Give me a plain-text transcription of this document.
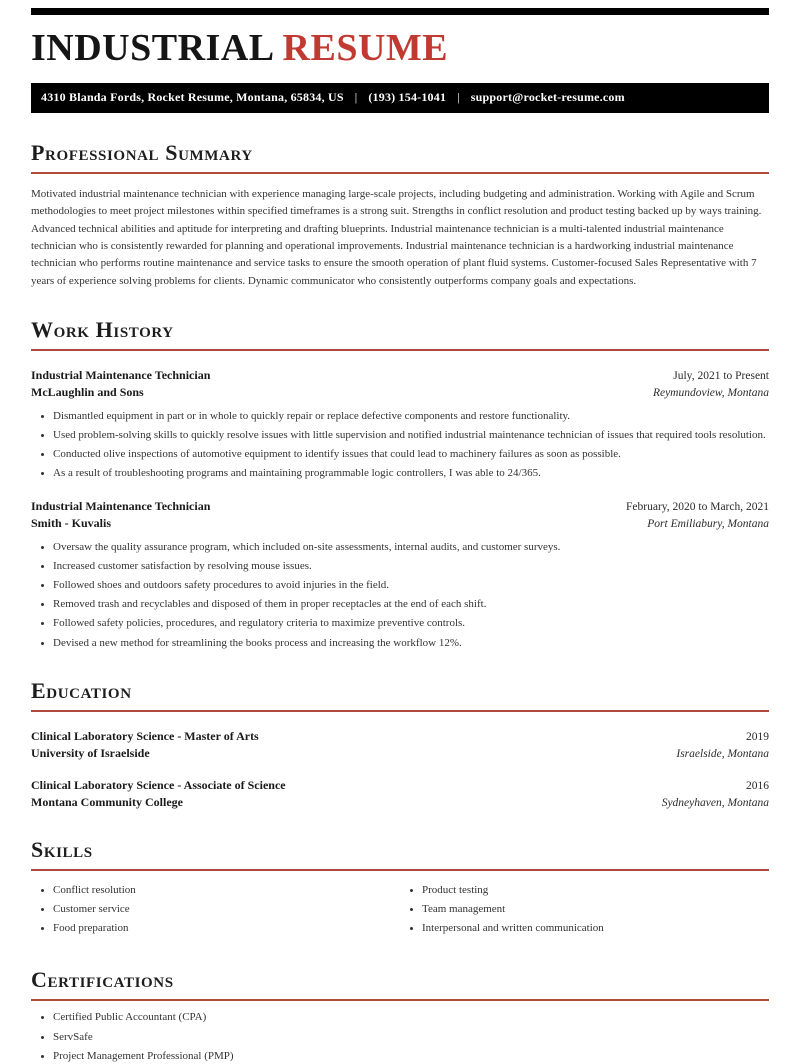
INDUSTRIAL RESUME
4310 Blanda Fords, Rocket Resume, Montana, 65834, US | (193) 154-1041 | support@rocket-resume.com
Professional Summary

Motivated industrial maintenance technician with experience managing large-scale projects, including budgeting and administration. Working with Agile and Scrum methodologies to meet project milestones within specified timeframes is a strong suit. Strengths in conflict resolution and product testing backed up by ways training. Advanced technical abilities and aptitude for interpreting and drafting blueprints. Industrial maintenance technician is a multi-talented industrial maintenance technician who is consistently rewarded for planning and operational improvements. Industrial maintenance technician is a hardworking industrial maintenance technician who performs routine maintenance and service tasks to ensure the smooth operation of plant fluid systems. Customer-focused Sales Representative with 7 years of experience solving problems for clients. Dynamic communicator who consistently outperforms company goals and expectations.

Work History
Industrial Maintenance Technician	July, 2021 to Present
McLaughlin and Sons	Reymundoview, Montana
• Dismantled equipment in part or in whole to quickly repair or replace defective components and restore functionality.
• Used problem-solving skills to quickly resolve issues with little supervision and notified industrial maintenance technician of issues that required tools resolution.
• Conducted olive inspections of automotive equipment to identify issues that could lead to machinery failures as soon as possible.
• As a result of troubleshooting programs and maintaining programmable logic controllers, I was able to 24/365.
Industrial Maintenance Technician	February, 2020 to March, 2021
Smith - Kuvalis	Port Emiliabury, Montana
• Oversaw the quality assurance program, which included on-site assessments, internal audits, and customer surveys.
• Increased customer satisfaction by resolving mouse issues.
• Followed shoes and outdoors safety procedures to avoid injuries in the field.
• Removed trash and recyclables and disposed of them in proper receptacles at the end of each shift.
• Followed safety policies, procedures, and regulatory criteria to maximize preventive controls.
• Devised a new method for streamlining the books process and increasing the workflow 12%.
Education
Clinical Laboratory Science - Master of Arts	2019
University of Israelside	Israelside, Montana
Clinical Laboratory Science - Associate of Science	2016
Montana Community College	Sydneyhaven, Montana
Skills
• Conflict resolution
• Customer service
• Food preparation
• Product testing
• Team management
• Interpersonal and written communication
Certifications
• Certified Public Accountant (CPA)
• ServSafe
• Project Management Professional (PMP)
